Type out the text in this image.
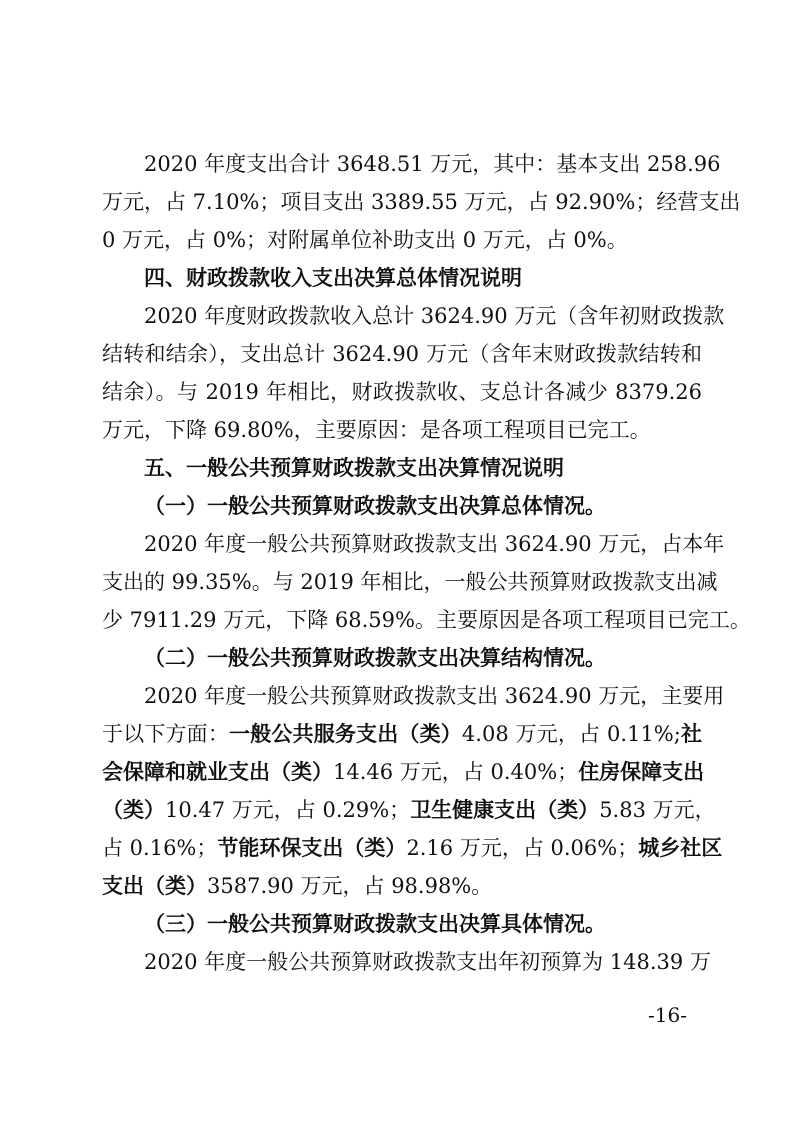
2020 年度支出合计 3648.51 万元，其中：基本支出 258.96
万元，占 7.10%；项目支出 3389.55 万元，占 92.90%；经营支出
0 万元，占 0%；对附属单位补助支出 0 万元，占 0%。
四、财政拨款收入支出决算总体情况说明
2020 年度财政拨款收入总计 3624.90 万元（含年初财政拨款
结转和结余），支出总计 3624.90 万元（含年末财政拨款结转和
结余）。与 2019 年相比，财政拨款收、支总计各减少 8379.26
万元，下降 69.80%，主要原因：是各项工程项目已完工。
五、一般公共预算财政拨款支出决算情况说明
（一）一般公共预算财政拨款支出决算总体情况。
2020 年度一般公共预算财政拨款支出 3624.90 万元，占本年
支出的 99.35%。与 2019 年相比，一般公共预算财政拨款支出减
少 7911.29 万元，下降 68.59%。主要原因是各项工程项目已完工。
（二）一般公共预算财政拨款支出决算结构情况。
2020 年度一般公共预算财政拨款支出 3624.90 万元，主要用
于以下方面：一般公共服务支出（类）4.08 万元，占 0.11%;社
会保障和就业支出（类）14.46 万元，占 0.40%；住房保障支出
（类）10.47 万元，占 0.29%；卫生健康支出（类）5.83 万元，
占 0.16%；节能环保支出（类）2.16 万元，占 0.06%；城乡社区
支出（类）3587.90 万元，占 98.98%。
（三）一般公共预算财政拨款支出决算具体情况。
2020 年度一般公共预算财政拨款支出年初预算为 148.39 万
-16-
